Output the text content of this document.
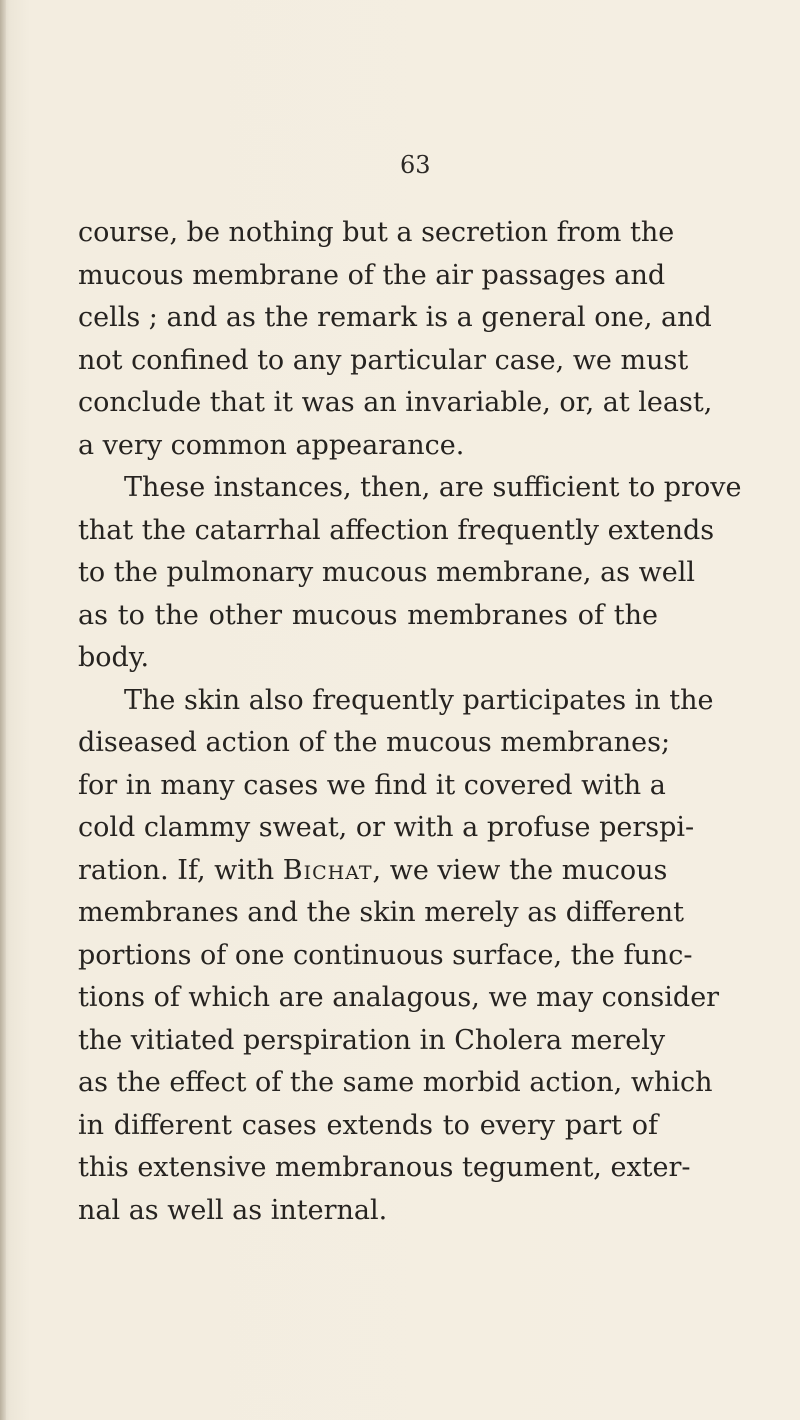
63
course, be nothing but a secretion from the
mucous membrane of the air passages and
cells ; and as the remark is a general one, and
not confined to any particular case, we must
conclude that it was an invariable, or, at least,
a very common appearance.
These instances, then, are sufficient to prove
that the catarrhal affection frequently extends
to the pulmonary mucous membrane, as well
as to the other mucous membranes of the
body.
The skin also frequently participates in the
diseased action of the mucous membranes;
for in many cases we find it covered with a
cold clammy sweat, or with a profuse perspi-
ration. If, with Bichat, we view the mucous
membranes and the skin merely as different
portions of one continuous surface, the func-
tions of which are analagous, we may consider
the vitiated perspiration in Cholera merely
as the effect of the same morbid action, which
in different cases extends to every part of
this extensive membranous tegument, exter-
nal as well as internal.
